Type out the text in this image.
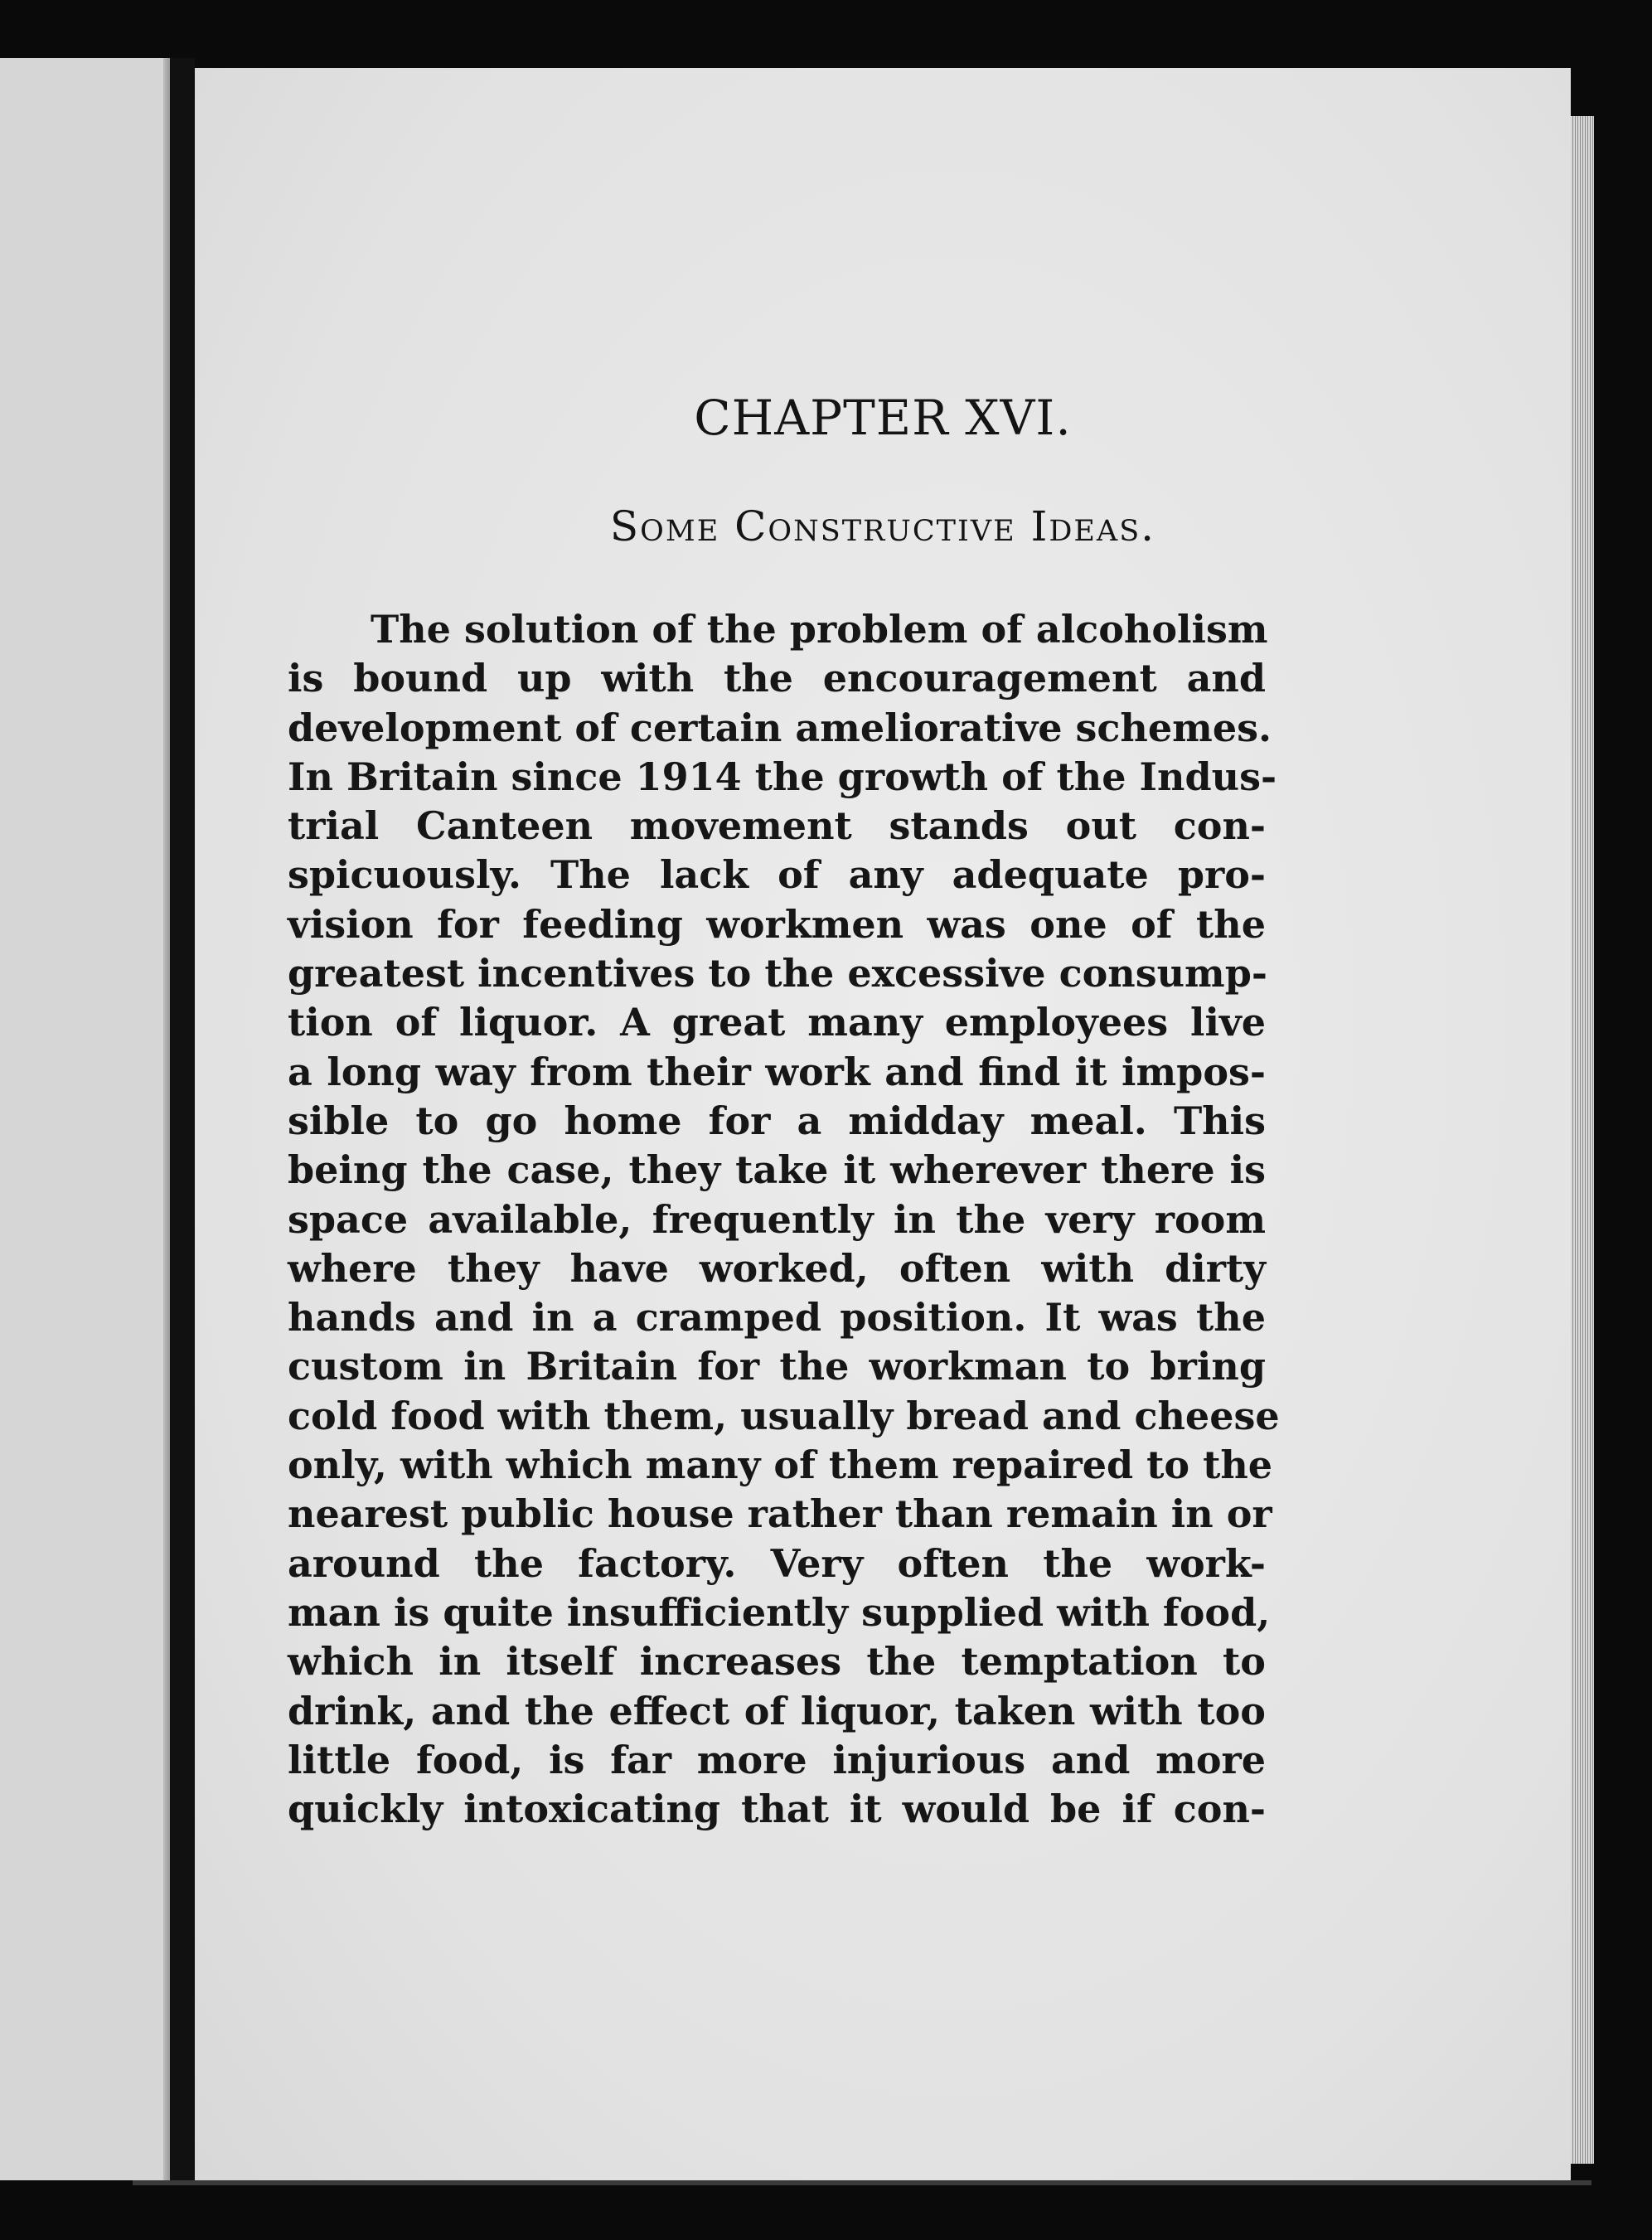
CHAPTER XVI.
Some Constructive Ideas.
The solution of the problem of alcoholism
is bound up with the encouragement and
development of certain ameliorative schemes.
In Britain since 1914 the growth of the Indus-
trial Canteen movement stands out con-
spicuously. The lack of any adequate pro-
vision for feeding workmen was one of the
greatest incentives to the excessive consump-
tion of liquor. A great many employees live
a long way from their work and find it impos-
sible to go home for a midday meal. This
being the case, they take it wherever there is
space available, frequently in the very room
where they have worked, often with dirty
hands and in a cramped position. It was the
custom in Britain for the workman to bring
cold food with them, usually bread and cheese
only, with which many of them repaired to the
nearest public house rather than remain in or
around the factory. Very often the work-
man is quite insufficiently supplied with food,
which in itself increases the temptation to
drink, and the effect of liquor, taken with too
little food, is far more injurious and more
quickly intoxicating that it would be if con-
